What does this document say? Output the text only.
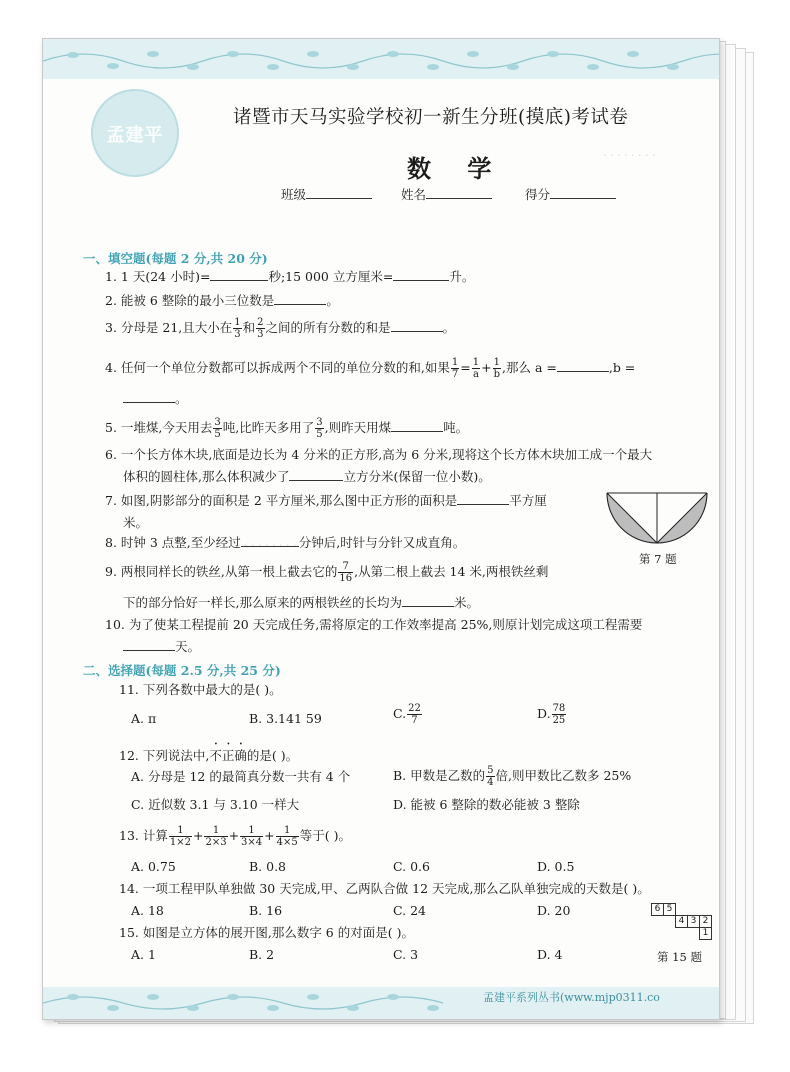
· · · · · · · ·
· · · · · · · · · · · · · · · ·
孟建平
诸暨市天马实验学校初一新生分班(摸底)考试卷
数 学
班级	姓名	得分
一、填空题(每题 2 分,共 20 分)
1. 1 天(24 小时)=	秒;15 000 立方厘米=	升。
2. 能被 6 整除的最小三位数是	。
3. 分母是 21,且大小在 $\frac{1}{3}$ 和 $\frac{2}{3}$ 之间的所有分数的和是	。
4. 任何一个单位分数都可以拆成两个不同的单位分数的和,如果 $\frac{1}{7} = \frac{1}{a} + \frac{1}{b}$ ,那么 a =	,b =
。
5. 一堆煤,今天用去 $\frac{3}{5}$ 吨,比昨天多用了 $\frac{3}{5}$ ,则昨天用煤	吨。
6. 一个长方体木块,底面是边长为 4 分米的正方形,高为 6 分米,现将这个长方体木块加工成一个最大
体积的圆柱体,那么体积减少了	立方分米(保留一位小数)。
7. 如图,阴影部分的面积是 2 平方厘米,那么图中正方形的面积是	平方厘
米。
第 7 题
8. 时钟 3 点整,至少经过	分钟后,时针与分针又成直角。
9. 两根同样长的铁丝,从第一根上截去它的 $\frac{7}{16}$ ,从第二根上截去 14 米,两根铁丝剩
下的部分恰好一样长,那么原来的两根铁丝的长均为	米。
10. 为了使某工程提前 20 天完成任务,需将原定的工作效率提高 25%,则原计划完成这项工程需要
天。
二、选择题(每题 2.5 分,共 25 分)
11. 下列各数中最大的是( )。
A. π	B. 3.141 59	C. $\frac{22}{7}$	D. $\frac{78}{25}$
12. 下列说法中,不正确的是( )。
A. 分母是 12 的最简真分数一共有 4 个	B. 甲数是乙数的 $\frac{5}{4}$ 倍,则甲数比乙数多 25%
C. 近似数 3.1 与 3.10 一样大	D. 能被 6 整除的数必能被 3 整除
13. 计算 $\frac{1}{1\times 2} + \frac{1}{2\times 3} + \frac{1}{3\times 4} + \frac{1}{4\times 5}$ 等于( )。
A. 0.75	B. 0.8	C. 0.6	D. 0.5
14. 一项工程甲队单独做 30 天完成,甲、乙两队合做 12 天完成,那么乙队单独完成的天数是( )。
A. 18	B. 16	C. 24	D. 20
15. 如图是立方体的展开图,那么数字 6 的对面是( )。
A. 1	B. 2	C. 3	D. 4
6 5
4 3 2
1
第 15 题
孟建平系列丛书(www.mjp0311.co
